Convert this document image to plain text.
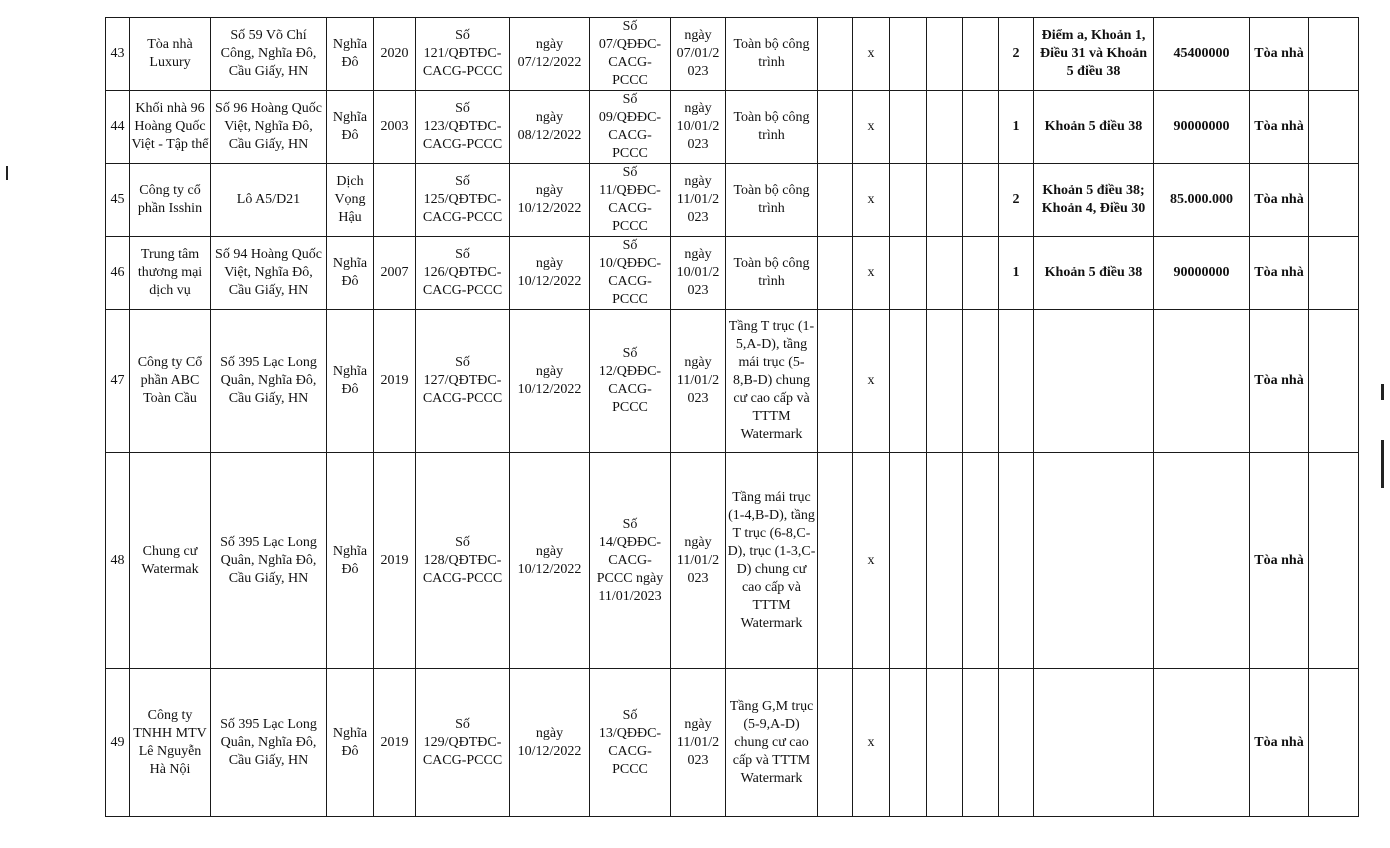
43	Tòa nhà Luxury	Số 59 Võ Chí Công, Nghĩa Đô, Cầu Giấy, HN	Nghĩa Đô	2020	Số 121/QĐTĐC-CACG-PCCC	ngày 07/12/2022	Số 07/QĐĐC-CACG-PCCC	ngày 07/01/2 023	Toàn bộ công trình		x				2	Điểm a, Khoản 1, Điều 31 và Khoản 5 điều 38	45400000	Tòa nhà	
44	Khối nhà 96 Hoàng Quốc Việt - Tập thể	Số 96 Hoàng Quốc Việt, Nghĩa Đô, Cầu Giấy, HN	Nghĩa Đô	2003	Số 123/QĐTĐC-CACG-PCCC	ngày 08/12/2022	Số 09/QĐĐC-CACG-PCCC	ngày 10/01/2 023	Toàn bộ công trình		x				1	Khoản 5 điều 38	90000000	Tòa nhà	
45	Công ty cổ phần Isshin	Lô A5/D21	Dịch Vọng Hậu		Số 125/QĐTĐC-CACG-PCCC	ngày 10/12/2022	Số 11/QĐĐC-CACG-PCCC	ngày 11/01/2 023	Toàn bộ công trình		x				2	Khoản 5 điều 38; Khoản 4, Điều 30	85.000.000	Tòa nhà	
46	Trung tâm thương mại dịch vụ	Số 94 Hoàng Quốc Việt, Nghĩa Đô, Cầu Giấy, HN	Nghĩa Đô	2007	Số 126/QĐTĐC-CACG-PCCC	ngày 10/12/2022	Số 10/QĐĐC-CACG-PCCC	ngày 10/01/2 023	Toàn bộ công trình		x				1	Khoản 5 điều 38	90000000	Tòa nhà	
47	Công ty Cổ phần ABC Toàn Cầu	Số 395 Lạc Long Quân, Nghĩa Đô, Cầu Giấy, HN	Nghĩa Đô	2019	Số 127/QĐTĐC-CACG-PCCC	ngày 10/12/2022	Số 12/QĐĐC-CACG-PCCC	ngày 11/01/2 023	Tầng T trục (1-5,A-D), tầng mái trục (5-8,B-D) chung cư cao cấp và TTTM Watermark		x							Tòa nhà	
48	Chung cư Watermak	Số 395 Lạc Long Quân, Nghĩa Đô, Cầu Giấy, HN	Nghĩa Đô	2019	Số 128/QĐTĐC-CACG-PCCC	ngày 10/12/2022	Số 14/QĐĐC-CACG-PCCC ngày 11/01/2023	ngày 11/01/2 023	Tầng mái trục (1-4,B-D), tầng T trục (6-8,C-D), trục (1-3,C-D) chung cư cao cấp và TTTM Watermark		x							Tòa nhà	
49	Công ty TNHH MTV Lê Nguyễn Hà Nội	Số 395 Lạc Long Quân, Nghĩa Đô, Cầu Giấy, HN	Nghĩa Đô	2019	Số 129/QĐTĐC-CACG-PCCC	ngày 10/12/2022	Số 13/QĐĐC-CACG-PCCC	ngày 11/01/2 023	Tầng G,M trục (5-9,A-D) chung cư cao cấp và TTTM Watermark		x							Tòa nhà	
